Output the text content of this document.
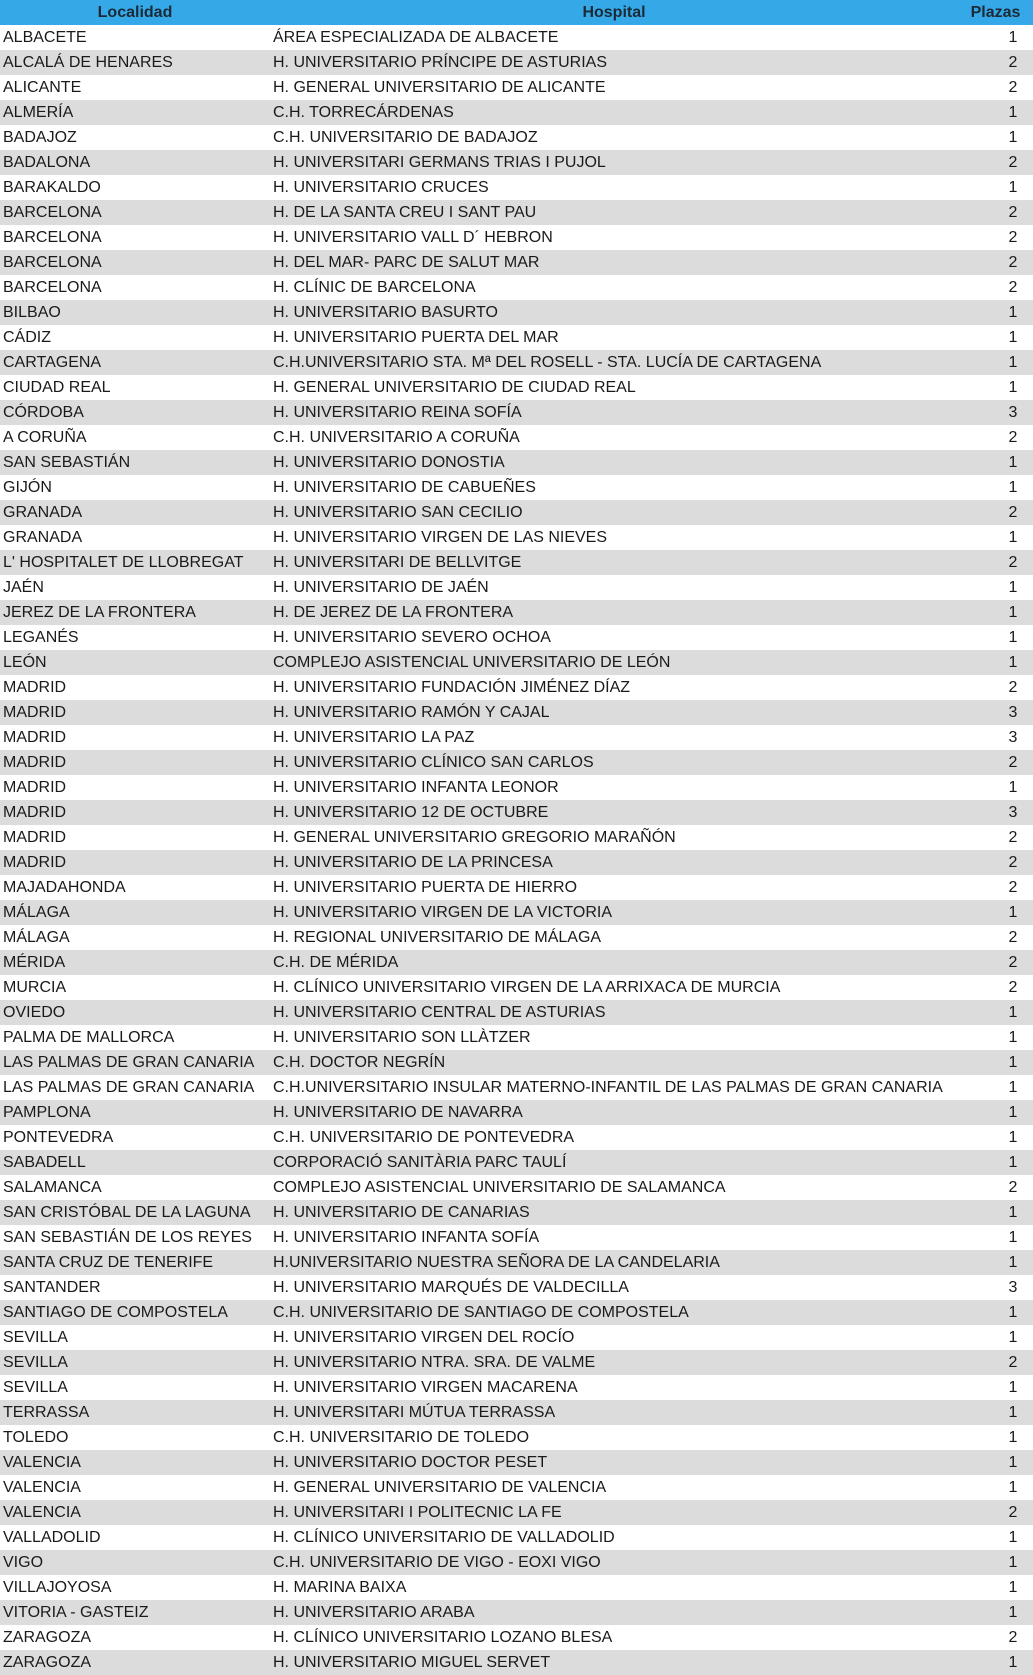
Localidad	Hospital	Plazas
ALBACETE	ÁREA ESPECIALIZADA DE ALBACETE	1
ALCALÁ DE HENARES	H. UNIVERSITARIO PRÍNCIPE DE ASTURIAS	2
ALICANTE	H. GENERAL UNIVERSITARIO DE ALICANTE	2
ALMERÍA	C.H. TORRECÁRDENAS	1
BADAJOZ	C.H. UNIVERSITARIO DE BADAJOZ	1
BADALONA	H. UNIVERSITARI GERMANS TRIAS I PUJOL	2
BARAKALDO	H. UNIVERSITARIO CRUCES	1
BARCELONA	H. DE LA SANTA CREU I SANT PAU	2
BARCELONA	H. UNIVERSITARIO VALL D´ HEBRON	2
BARCELONA	H. DEL MAR- PARC DE SALUT MAR	2
BARCELONA	H. CLÍNIC DE BARCELONA	2
BILBAO	H. UNIVERSITARIO BASURTO	1
CÁDIZ	H. UNIVERSITARIO PUERTA DEL MAR	1
CARTAGENA	C.H.UNIVERSITARIO STA. Mª DEL ROSELL - STA. LUCÍA DE CARTAGENA	1
CIUDAD REAL	H. GENERAL UNIVERSITARIO DE CIUDAD REAL	1
CÓRDOBA	H. UNIVERSITARIO REINA SOFÍA	3
A CORUÑA	C.H. UNIVERSITARIO A CORUÑA	2
SAN SEBASTIÁN	H. UNIVERSITARIO DONOSTIA	1
GIJÓN	H. UNIVERSITARIO DE CABUEÑES	1
GRANADA	H. UNIVERSITARIO SAN CECILIO	2
GRANADA	H. UNIVERSITARIO VIRGEN DE LAS NIEVES	1
L' HOSPITALET DE LLOBREGAT	H. UNIVERSITARI DE BELLVITGE	2
JAÉN	H. UNIVERSITARIO DE JAÉN	1
JEREZ DE LA FRONTERA	H. DE JEREZ DE LA FRONTERA	1
LEGANÉS	H. UNIVERSITARIO SEVERO OCHOA	1
LEÓN	COMPLEJO ASISTENCIAL UNIVERSITARIO DE LEÓN	1
MADRID	H. UNIVERSITARIO FUNDACIÓN JIMÉNEZ DÍAZ	2
MADRID	H. UNIVERSITARIO RAMÓN Y CAJAL	3
MADRID	H. UNIVERSITARIO LA PAZ	3
MADRID	H. UNIVERSITARIO CLÍNICO SAN CARLOS	2
MADRID	H. UNIVERSITARIO INFANTA LEONOR	1
MADRID	H. UNIVERSITARIO 12 DE OCTUBRE	3
MADRID	H. GENERAL UNIVERSITARIO GREGORIO MARAÑÓN	2
MADRID	H. UNIVERSITARIO DE LA PRINCESA	2
MAJADAHONDA	H. UNIVERSITARIO PUERTA DE HIERRO	2
MÁLAGA	H. UNIVERSITARIO VIRGEN DE LA VICTORIA	1
MÁLAGA	H. REGIONAL UNIVERSITARIO DE MÁLAGA	2
MÉRIDA	C.H. DE MÉRIDA	2
MURCIA	H. CLÍNICO UNIVERSITARIO VIRGEN DE LA ARRIXACA DE MURCIA	2
OVIEDO	H. UNIVERSITARIO CENTRAL DE ASTURIAS	1
PALMA DE MALLORCA	H. UNIVERSITARIO SON LLÀTZER	1
LAS PALMAS DE GRAN CANARIA	C.H. DOCTOR NEGRÍN	1
LAS PALMAS DE GRAN CANARIA	C.H.UNIVERSITARIO INSULAR MATERNO-INFANTIL DE LAS PALMAS DE GRAN CANARIA	1
PAMPLONA	H. UNIVERSITARIO DE NAVARRA	1
PONTEVEDRA	C.H. UNIVERSITARIO DE PONTEVEDRA	1
SABADELL	CORPORACIÓ SANITÀRIA PARC TAULÍ	1
SALAMANCA	COMPLEJO ASISTENCIAL UNIVERSITARIO DE SALAMANCA	2
SAN CRISTÓBAL DE LA LAGUNA	H. UNIVERSITARIO DE CANARIAS	1
SAN SEBASTIÁN DE LOS REYES	H. UNIVERSITARIO INFANTA SOFÍA	1
SANTA CRUZ DE TENERIFE	H.UNIVERSITARIO NUESTRA SEÑORA DE LA CANDELARIA	1
SANTANDER	H. UNIVERSITARIO MARQUÉS DE VALDECILLA	3
SANTIAGO DE COMPOSTELA	C.H. UNIVERSITARIO DE SANTIAGO DE COMPOSTELA	1
SEVILLA	H. UNIVERSITARIO VIRGEN DEL ROCÍO	1
SEVILLA	H. UNIVERSITARIO NTRA. SRA. DE VALME	2
SEVILLA	H. UNIVERSITARIO VIRGEN MACARENA	1
TERRASSA	H. UNIVERSITARI MÚTUA TERRASSA	1
TOLEDO	C.H. UNIVERSITARIO DE TOLEDO	1
VALENCIA	H. UNIVERSITARIO DOCTOR PESET	1
VALENCIA	H. GENERAL UNIVERSITARIO DE VALENCIA	1
VALENCIA	H. UNIVERSITARI I POLITECNIC LA FE	2
VALLADOLID	H. CLÍNICO UNIVERSITARIO DE VALLADOLID	1
VIGO	C.H. UNIVERSITARIO DE VIGO - EOXI VIGO	1
VILLAJOYOSA	H. MARINA BAIXA	1
VITORIA - GASTEIZ	H. UNIVERSITARIO ARABA	1
ZARAGOZA	H. CLÍNICO UNIVERSITARIO LOZANO BLESA	2
ZARAGOZA	H. UNIVERSITARIO MIGUEL SERVET	1
